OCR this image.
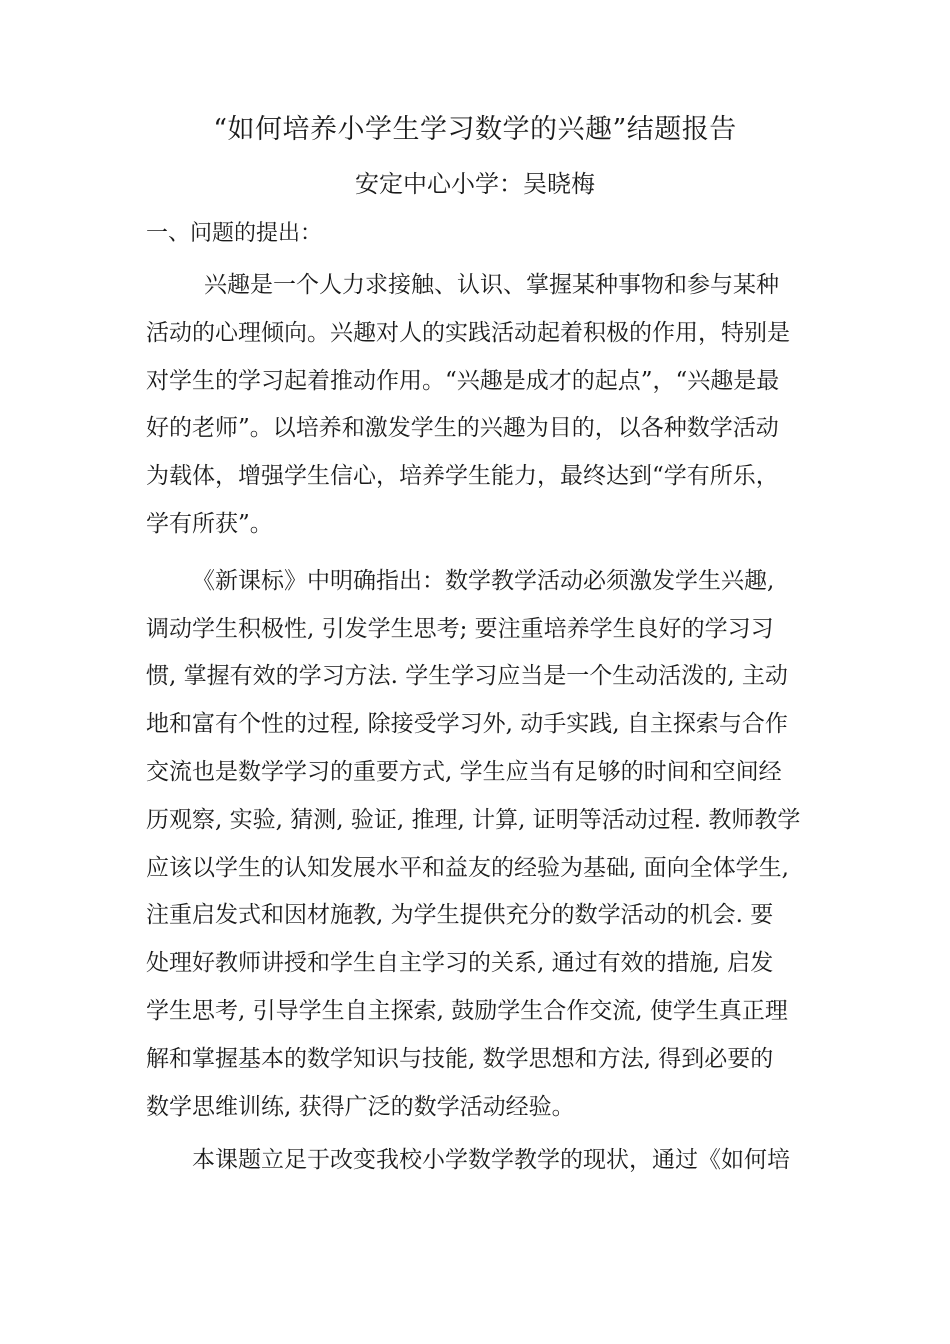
“如何培养小学生学习数学的兴趣”结题报告
安定中心小学：吴晓梅
一、问题的提出：

兴趣是一个人力求接触、认识、掌握某种事物和参与某种
活动的心理倾向。兴趣对人的实践活动起着积极的作用，特别是
对学生的学习起着推动作用。“兴趣是成才的起点”，“兴趣是最
好的老师”。以培养和激发学生的兴趣为目的，以各种数学活动
为载体，增强学生信心，培养学生能力，最终达到“学有所乐，
学有所获”。

《新课标》中明确指出：数学教学活动必须激发学生兴趣,
调动学生积极性, 引发学生思考; 要注重培养学生良好的学习习
惯, 掌握有效的学习方法. 学生学习应当是一个生动活泼的, 主动
地和富有个性的过程, 除接受学习外, 动手实践, 自主探索与合作
交流也是数学学习的重要方式, 学生应当有足够的时间和空间经
历观察, 实验, 猜测, 验证, 推理, 计算, 证明等活动过程. 教师教学
应该以学生的认知发展水平和益友的经验为基础, 面向全体学生,
注重启发式和因材施教, 为学生提供充分的数学活动的机会. 要
处理好教师讲授和学生自主学习的关系, 通过有效的措施, 启发
学生思考, 引导学生自主探索, 鼓励学生合作交流, 使学生真正理
解和掌握基本的数学知识与技能, 数学思想和方法, 得到必要的
数学思维训练, 获得广泛的数学活动经验。

本课题立足于改变我校小学数学教学的现状，通过《如何培
